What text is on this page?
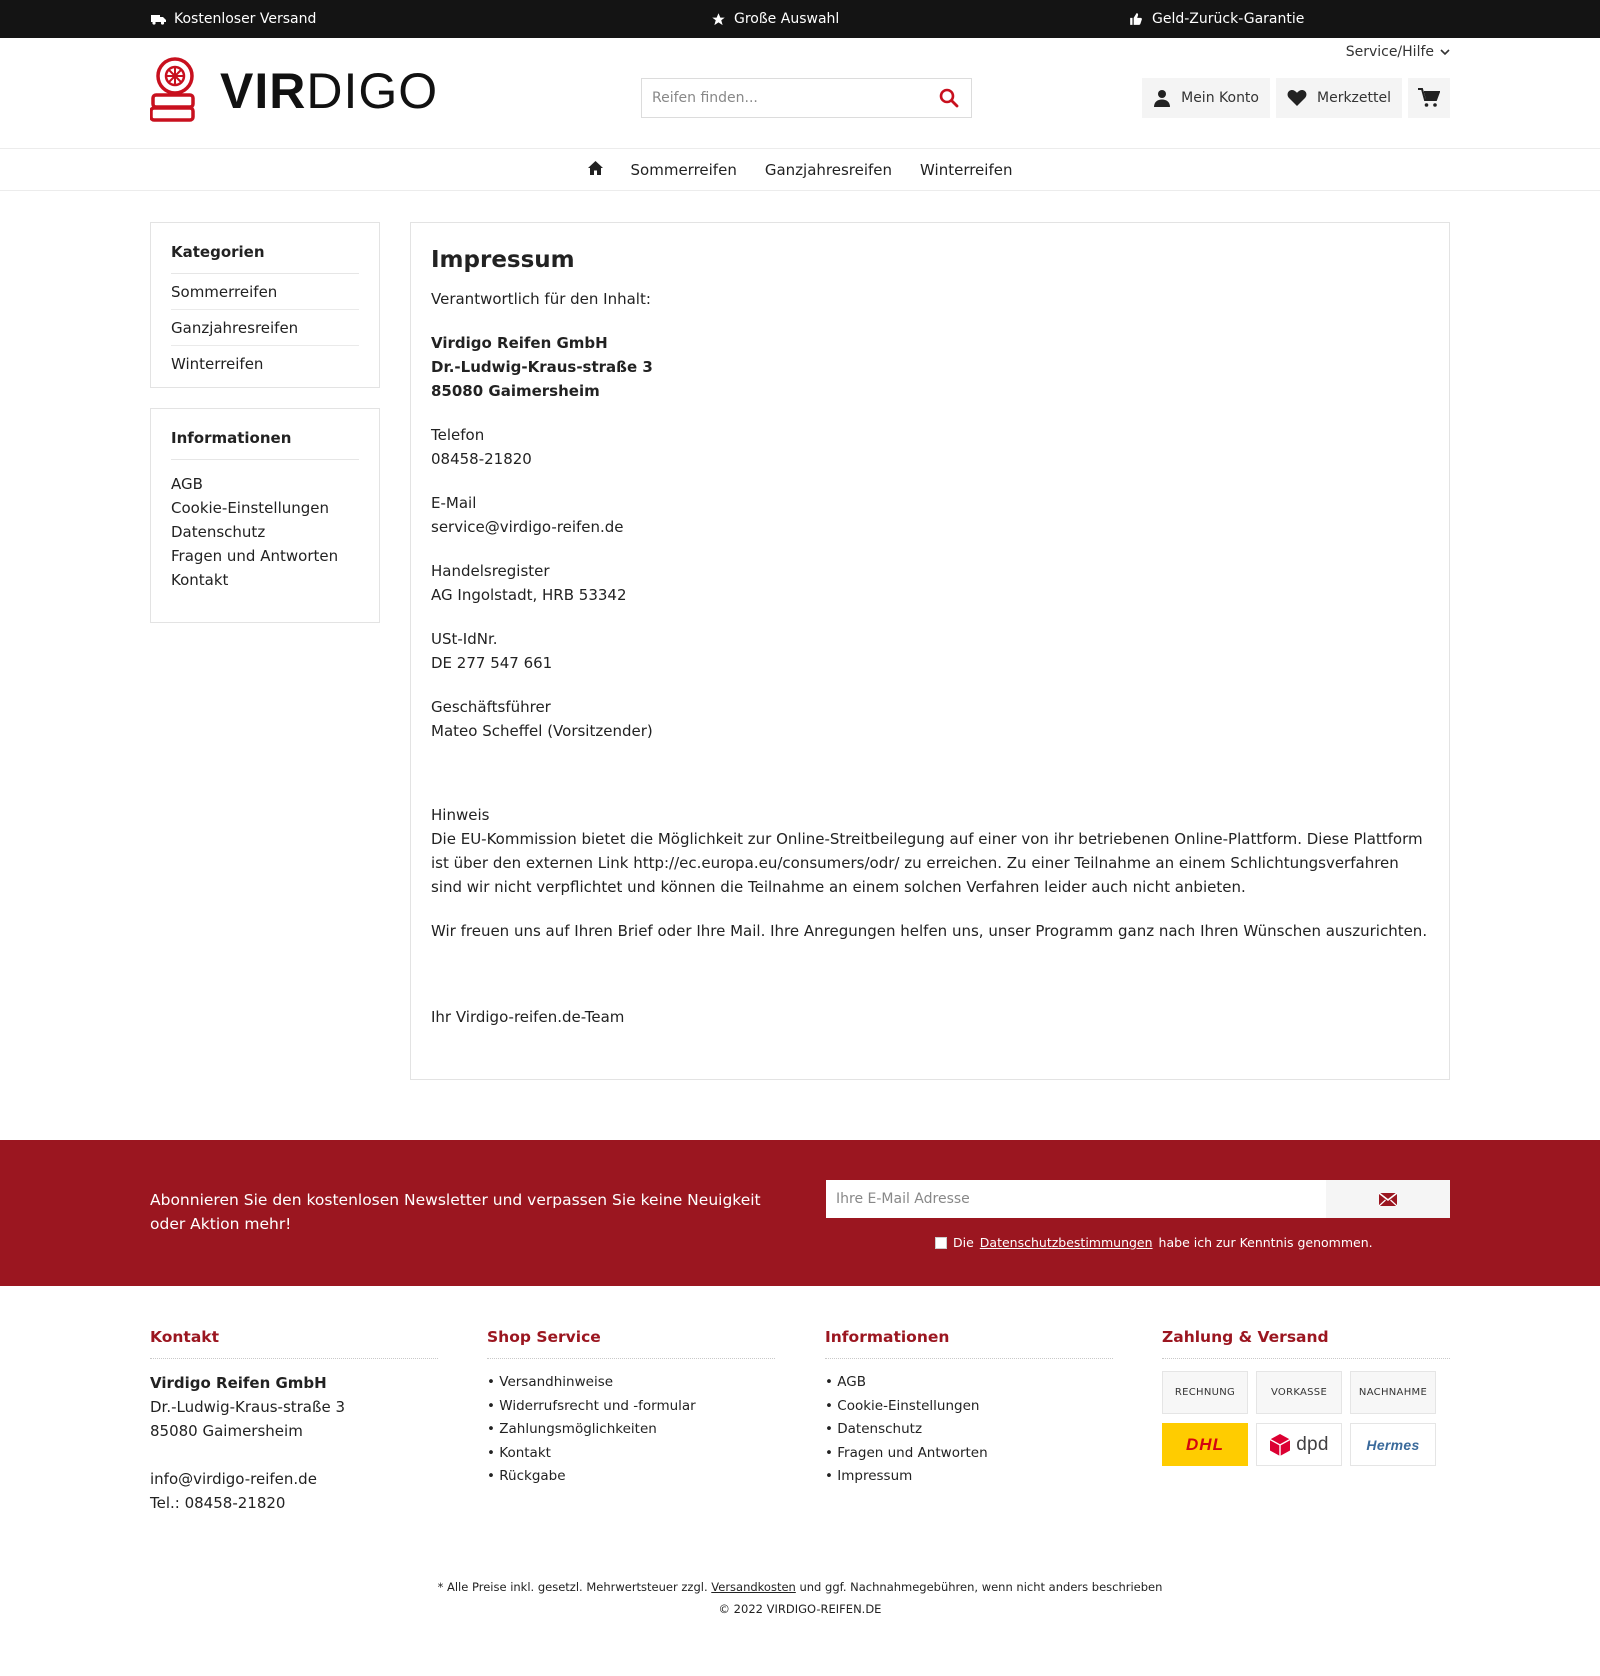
Kostenloser Versand	Große Auswahl	Geld-Zurück-Garantie
Service/Hilfe
VIRDIGO
Reifen finden...	Mein Konto	Merkzettel
Sommerreifen Ganzjahresreifen Winterreifen
Kategorien
Sommerreifen
Ganzjahresreifen
Winterreifen
Informationen
AGB
Cookie-Einstellungen
Datenschutz
Fragen und Antworten
Kontakt
Impressum

Verantwortlich für den Inhalt:

Virdigo Reifen GmbH
Dr.-Ludwig-Kraus-straße 3
85080 Gaimersheim

Telefon
08458-21820

E-Mail
service@virdigo-reifen.de

Handelsregister
AG Ingolstadt, HRB 53342

USt-IdNr.
DE 277 547 661

Geschäftsführer
Mateo Scheffel (Vorsitzender)

Hinweis
Die EU-Kommission bietet die Möglichkeit zur Online-Streitbeilegung auf einer von ihr betriebenen Online-Plattform. Diese Plattform ist über den externen Link http://ec.europa.eu/consumers/odr/ zu erreichen. Zu einer Teilnahme an einem Schlichtungsverfahren sind wir nicht verpflichtet und können die Teilnahme an einem solchen Verfahren leider auch nicht anbieten.

Wir freuen uns auf Ihren Brief oder Ihre Mail. Ihre Anregungen helfen uns, unser Programm ganz nach Ihren Wünschen auszurichten.

Ihr Virdigo-reifen.de-Team

Abonnieren Sie den kostenlosen Newsletter und verpassen Sie keine Neuigkeit oder Aktion mehr!
Ihre E-Mail Adresse
Die Datenschutzbestimmungen habe ich zur Kenntnis genommen.
Kontakt
Virdigo Reifen GmbH
Dr.-Ludwig-Kraus-straße 3
85080 Gaimersheim
info@virdigo-reifen.de
Tel.: 08458-21820
Shop Service
• Versandhinweise
• Widerrufsrecht und -formular
• Zahlungsmöglichkeiten
• Kontakt
• Rückgabe
Informationen
• AGB
• Cookie-Einstellungen
• Datenschutz
• Fragen und Antworten
• Impressum
Zahlung & Versand
RECHNUNG	VORKASSE	NACHNAHME
DHL	dpd	Hermes
* Alle Preise inkl. gesetzl. Mehrwertsteuer zzgl. Versandkosten und ggf. Nachnahmegebühren, wenn nicht anders beschrieben
© 2022 VIRDIGO-REIFEN.DE
